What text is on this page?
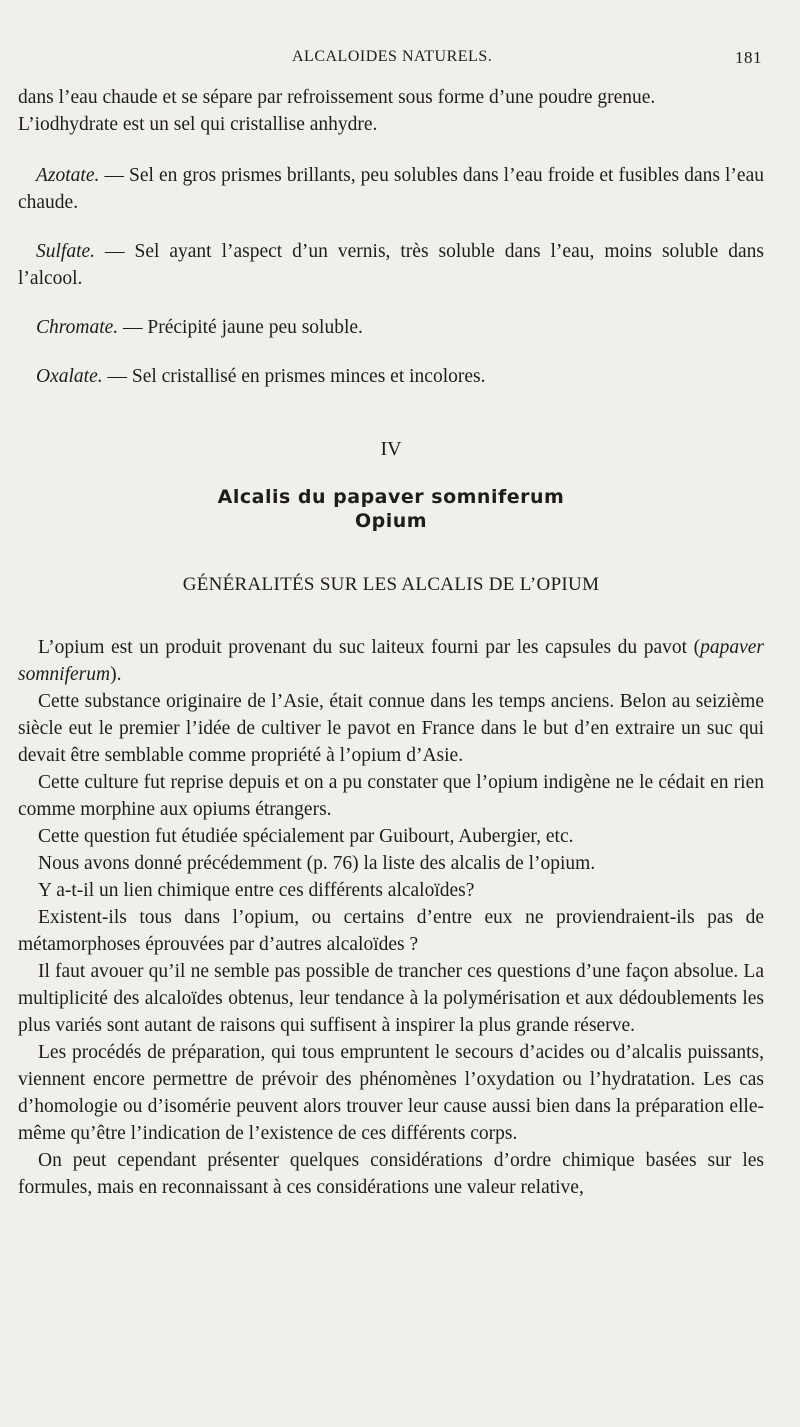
ALCALOIDES NATURELS.	181

dans l’eau chaude et se sépare par refroissement sous forme d’une poudre grenue.

L’iodhydrate est un sel qui cristallise anhydre.

Azotate. — Sel en gros prismes brillants, peu solubles dans l’eau froide et fusibles dans l’eau chaude.

Sulfate. — Sel ayant l’aspect d’un vernis, très soluble dans l’eau, moins soluble dans l’alcool.

Chromate. — Précipité jaune peu soluble.

Oxalate. — Sel cristallisé en prismes minces et incolores.

IV

Alcalis du papaver somniferum

Opium

GÉNÉRALITÉS SUR LES ALCALIS DE L’OPIUM

L’opium est un produit provenant du suc laiteux fourni par les capsules du pavot (papaver somniferum).

Cette substance originaire de l’Asie, était connue dans les temps anciens. Belon au seizième siècle eut le premier l’idée de cultiver le pavot en France dans le but d’en extraire un suc qui devait être semblable comme propriété à l’opium d’Asie.

Cette culture fut reprise depuis et on a pu constater que l’opium indigène ne le cédait en rien comme morphine aux opiums étrangers.

Cette question fut étudiée spécialement par Guibourt, Aubergier, etc.

Nous avons donné précédemment (p. 76) la liste des alcalis de l’opium.

Y a-t-il un lien chimique entre ces différents alcaloïdes?

Existent-ils tous dans l’opium, ou certains d’entre eux ne proviendraient-ils pas de métamorphoses éprouvées par d’autres alcaloïdes ?

Il faut avouer qu’il ne semble pas possible de trancher ces questions d’une façon absolue. La multiplicité des alcaloïdes obtenus, leur tendance à la polymérisation et aux dédoublements les plus variés sont autant de raisons qui suffisent à inspirer la plus grande réserve.

Les procédés de préparation, qui tous empruntent le secours d’acides ou d’alcalis puissants, viennent encore permettre de prévoir des phénomènes l’oxydation ou l’hydratation. Les cas d’homologie ou d’isomérie peuvent alors trouver leur cause aussi bien dans la préparation elle-même qu’être l’indication de l’existence de ces différents corps.

On peut cependant présenter quelques considérations d’ordre chimique basées sur les formules, mais en reconnaissant à ces considérations une valeur relative,
